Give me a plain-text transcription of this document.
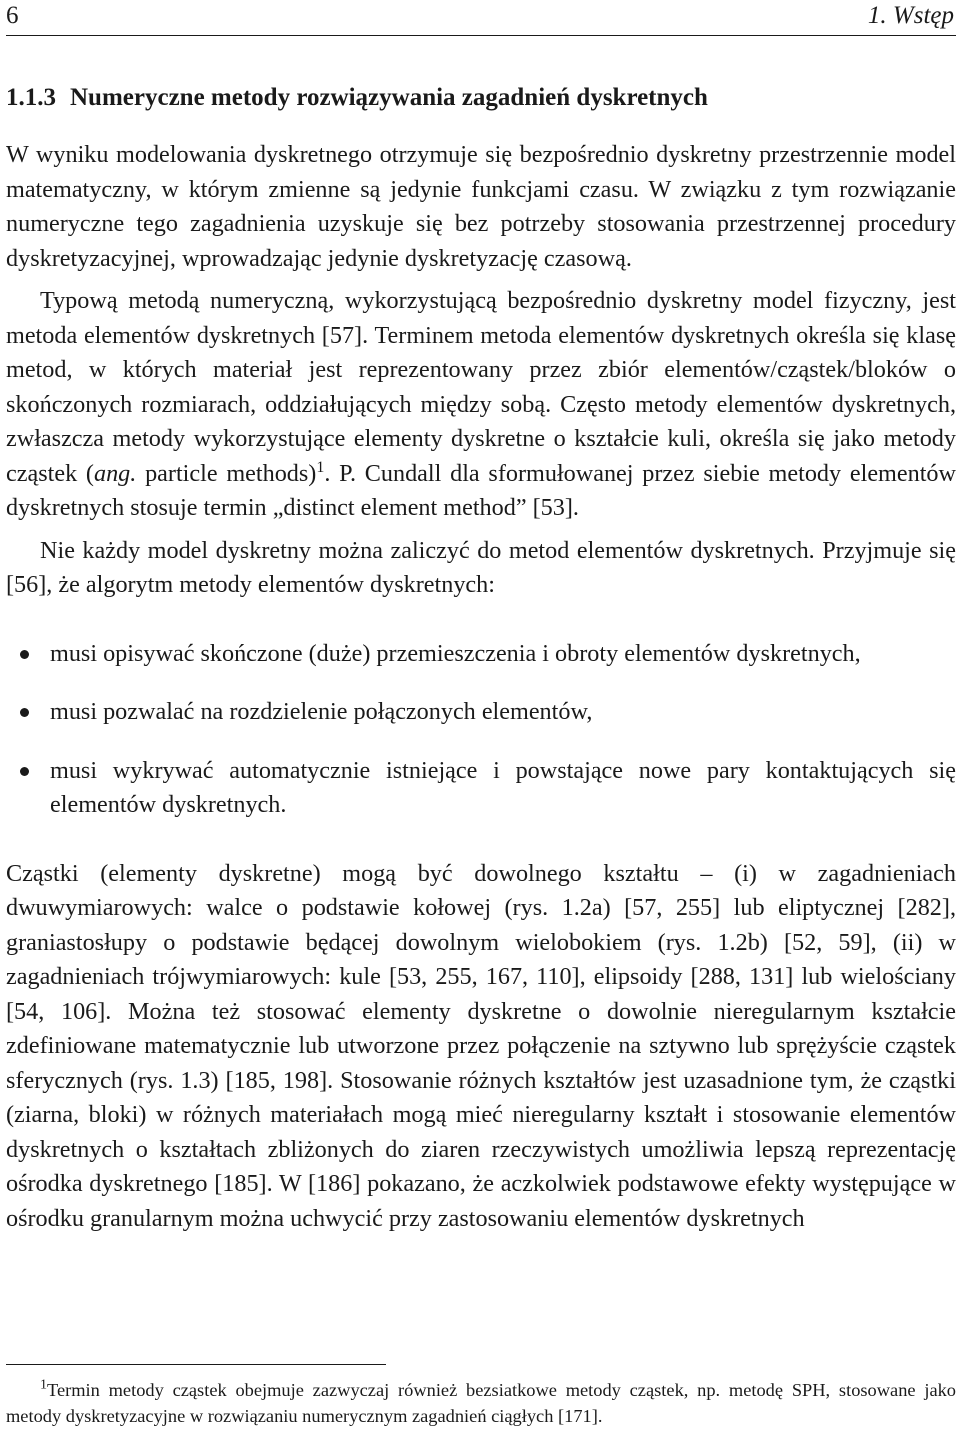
6	1. Wstęp
1.1.3 Numeryczne metody rozwiązywania zagadnień dyskretnych

W wyniku modelowania dyskretnego otrzymuje się bezpośrednio dyskretny przestrzennie model matematyczny, w którym zmienne są jedynie funkcjami czasu. W związku z tym rozwiązanie numeryczne tego zagadnienia uzyskuje się bez potrzeby stosowania przestrzennej procedury dyskretyzacyjnej, wprowadzając jedynie dyskretyzację czasową.

Typową metodą numeryczną, wykorzystującą bezpośrednio dyskretny model fizyczny, jest metoda elementów dyskretnych [57]. Terminem metoda elementów dyskretnych określa się klasę metod, w których materiał jest reprezentowany przez zbiór elementów/cząstek/bloków o skończonych rozmiarach, oddziałujących między sobą. Często metody elementów dyskretnych, zwłaszcza metody wykorzystujące elementy dyskretne o kształcie kuli, określa się jako metody cząstek (ang. particle methods)$^1$. P. Cundall dla sformułowanej przez siebie metody elementów dyskretnych stosuje termin „distinct element method” [53].

Nie każdy model dyskretny można zaliczyć do metod elementów dyskretnych. Przyjmuje się [56], że algorytm metody elementów dyskretnych:

musi opisywać skończone (duże) przemieszczenia i obroty elementów dyskretnych,
musi pozwalać na rozdzielenie połączonych elementów,
musi wykrywać automatycznie istniejące i powstające nowe pary kontaktujących się elementów dyskretnych.

Cząstki (elementy dyskretne) mogą być dowolnego kształtu – (i) w zagadnieniach dwuwymiarowych: walce o podstawie kołowej (rys. 1.2a) [57, 255] lub eliptycznej [282], graniastosłupy o podstawie będącej dowolnym wielobokiem (rys. 1.2b) [52, 59], (ii) w zagadnieniach trójwymiarowych: kule [53, 255, 167, 110], elipsoidy [288, 131] lub wielościany [54, 106]. Można też stosować elementy dyskretne o dowolnie nieregularnym kształcie zdefiniowane matematycznie lub utworzone przez połączenie na sztywno lub sprężyście cząstek sferycznych (rys. 1.3) [185, 198]. Stosowanie różnych kształtów jest uzasadnione tym, że cząstki (ziarna, bloki) w różnych materiałach mogą mieć nieregularny kształt i stosowanie elementów dyskretnych o kształtach zbliżonych do ziaren rzeczywistych umożliwia lepszą reprezentację ośrodka dyskretnego [185]. W [186] pokazano, że aczkolwiek podstawowe efekty występujące w ośrodku granularnym można uchwycić przy zastosowaniu elementów dyskretnych

$^1$Termin metody cząstek obejmuje zazwyczaj również bezsiatkowe metody cząstek, np. metodę SPH, stosowane jako metody dyskretyzacyjne w rozwiązaniu numerycznym zagadnień ciągłych [171].
